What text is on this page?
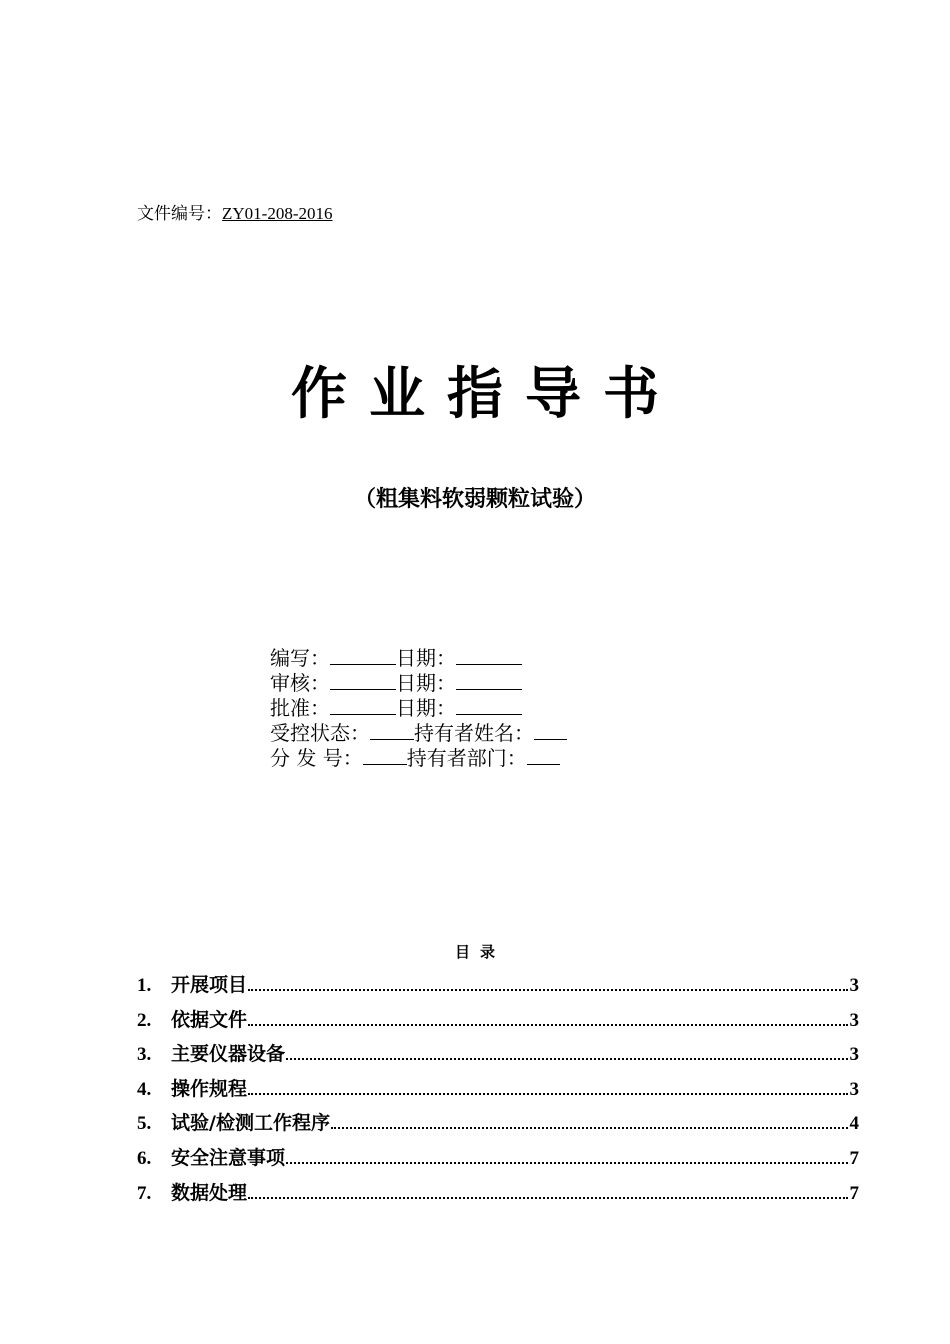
文件编号：ZY01-208-2016
作业指导书
（粗集料软弱颗粒试验）
编写：	日期：
审核：	日期：
批准：	日期：
受控状态： 持有者姓名：
分 发 号： 持有者部门：
目录
1.	开展项目	3
2.	依据文件	3
3.	主要仪器设备	3
4.	操作规程	3
5.	试验/检测工作程序	4
6.	安全注意事项	7
7.	数据处理	7
